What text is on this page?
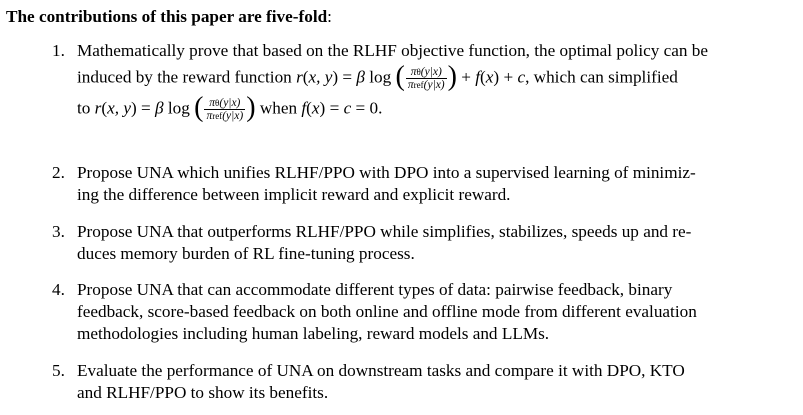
The contributions of this paper are five-fold:
1. Mathematically prove that based on the RLHF objective function, the optimal policy can be
induced by the reward function r(x, y) = β log ( $\frac{\pi\theta(y|x)}{\text{πref(y|x)}}$ ) + f(x) + c, which can simplified
to r(x, y) = β log ( $\frac{\pi\theta(y|x)}{\text{πref(y|x)}}$ ) when f(x) = c = 0.
2. Propose UNA which unifies RLHF/PPO with DPO into a supervised learning of minimiz-
ing the difference between implicit reward and explicit reward.
3. Propose UNA that outperforms RLHF/PPO while simplifies, stabilizes, speeds up and re-
duces memory burden of RL fine-tuning process.
4. Propose UNA that can accommodate different types of data: pairwise feedback, binary
feedback, score-based feedback on both online and offline mode from different evaluation
methodologies including human labeling, reward models and LLMs.
5. Evaluate the performance of UNA on downstream tasks and compare it with DPO, KTO
and RLHF/PPO to show its benefits.
